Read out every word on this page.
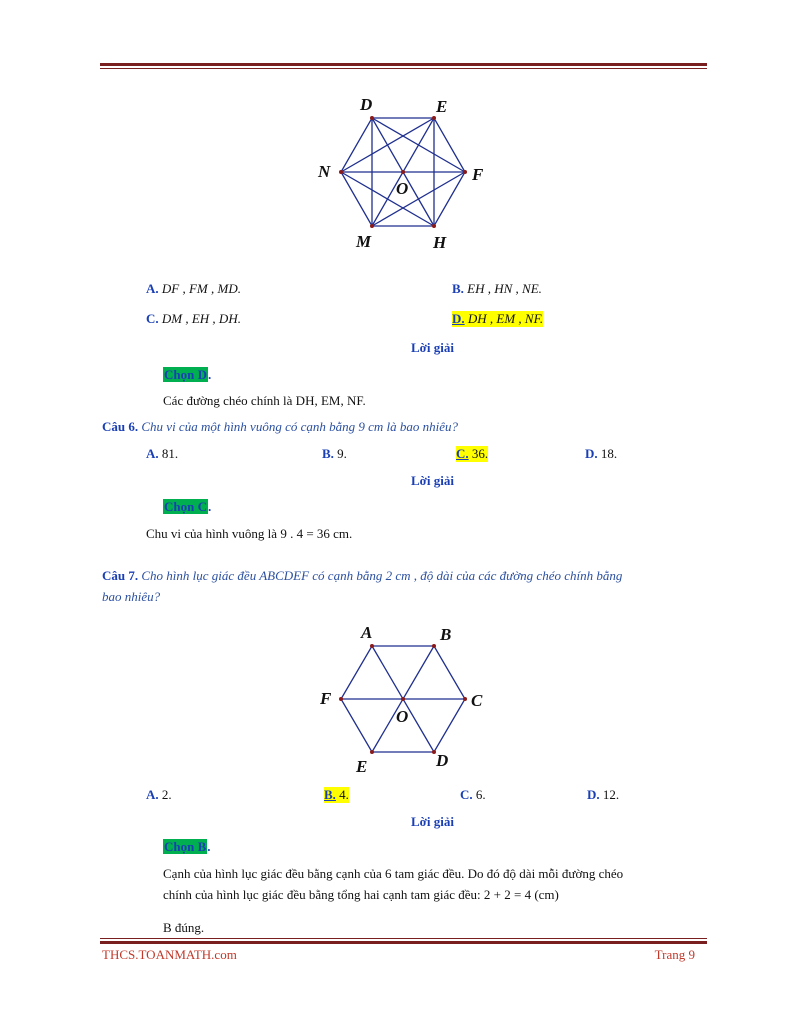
D	E
N	F
O
M	H
A. DF , FM , MD.	B. EH , HN , NE.
C. DM , EH , DH.	D. DH , EM , NF.
Lời giải
Chọn D.
Các đường chéo chính là DH, EM, NF.
Câu 6. Chu vi của một hình vuông có cạnh bằng 9 cm là bao nhiêu?
A. 81.	B. 9.	C. 36.	D. 18.
Lời giải
Chọn C.
Chu vi của hình vuông là 9 . 4 = 36 cm.
Câu 7. Cho hình lục giác đều ABCDEF có cạnh bằng 2 cm , độ dài của các đường chéo chính bằng
bao nhiêu?
A	B
F	C
O
E	D
A. 2.	B. 4.	C. 6.	D. 12.
Lời giải
Chọn B.
Cạnh của hình lục giác đều bằng cạnh của 6 tam giác đều. Do đó độ dài mỗi đường chéo
chính của hình lục giác đều bằng tổng hai cạnh tam giác đều: 2 + 2 = 4 (cm)
B đúng.
THCS.TOANMATH.com	Trang 9
